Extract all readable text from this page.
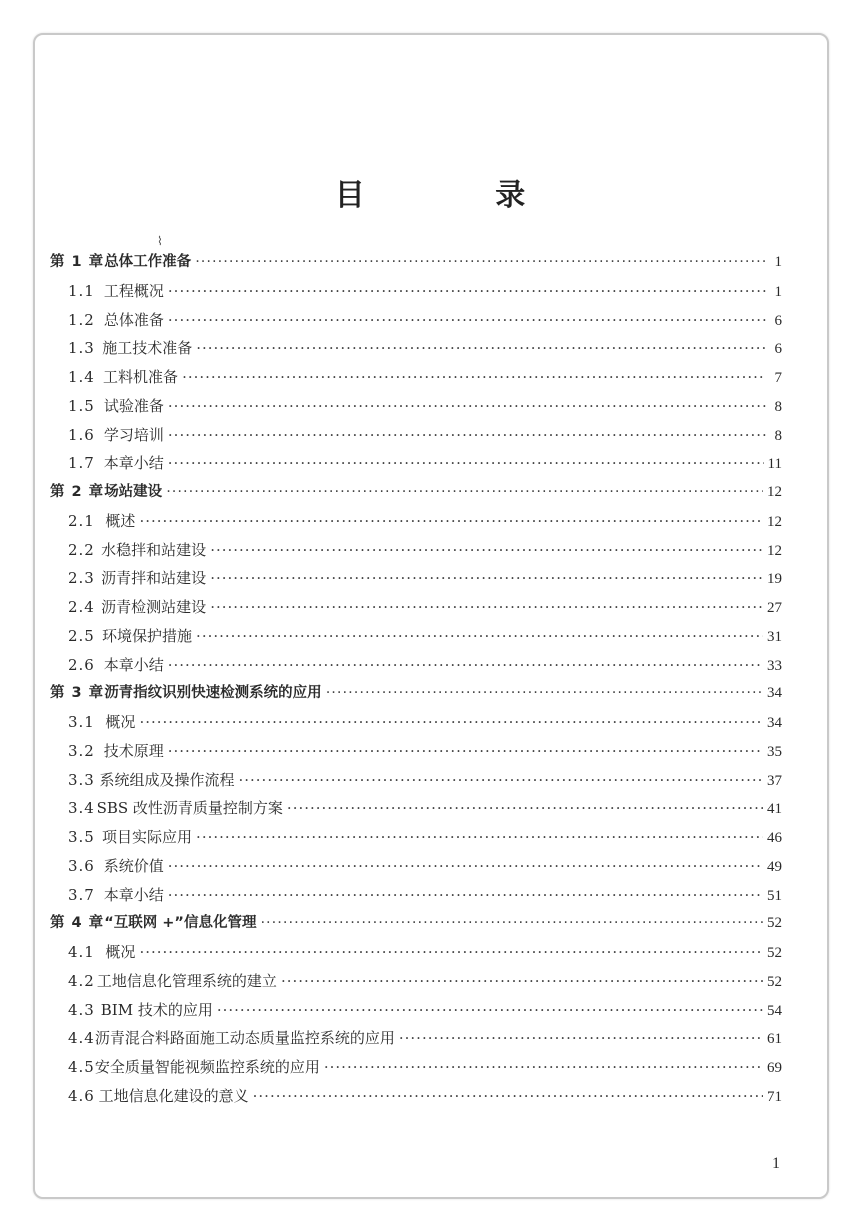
目 录
⌇
第 1 章 总体工作准备 ·····	1
1.1 工程概况 ·····	1
1.2 总体准备 ·····	6
1.3 施工技术准备 ·····	6
1.4 工料机准备 ·····	7
1.5 试验准备 ·····	8
1.6 学习培训 ·····	8
1.7 本章小结 ·····	11
第 2 章 场站建设 ·····	12
2.1 概述 ·····	12
2.2 水稳拌和站建设 ·····	12
2.3 沥青拌和站建设 ·····	19
2.4 沥青检测站建设 ·····	27
2.5 环境保护措施 ·····	31
2.6 本章小结 ·····	33
第 3 章 沥青指纹识别快速检测系统的应用 ·····	34
3.1 概况 ·····	34
3.2 技术原理 ·····	35
3.3 系统组成及操作流程 ·····	37
3.4 SBS 改性沥青质量控制方案 ·····	41
3.5 项目实际应用 ·····	46
3.6 系统价值 ·····	49
3.7 本章小结 ·····	51
第 4 章 “互联网 +”信息化管理 ·····	52
4.1 概况 ·····	52
4.2 工地信息化管理系统的建立 ·····	52
4.3 BIM 技术的应用 ·····	54
4.4 沥青混合料路面施工动态质量监控系统的应用 ·····	61
4.5 安全质量智能视频监控系统的应用 ·····	69
4.6 工地信息化建设的意义 ·····	71
1
